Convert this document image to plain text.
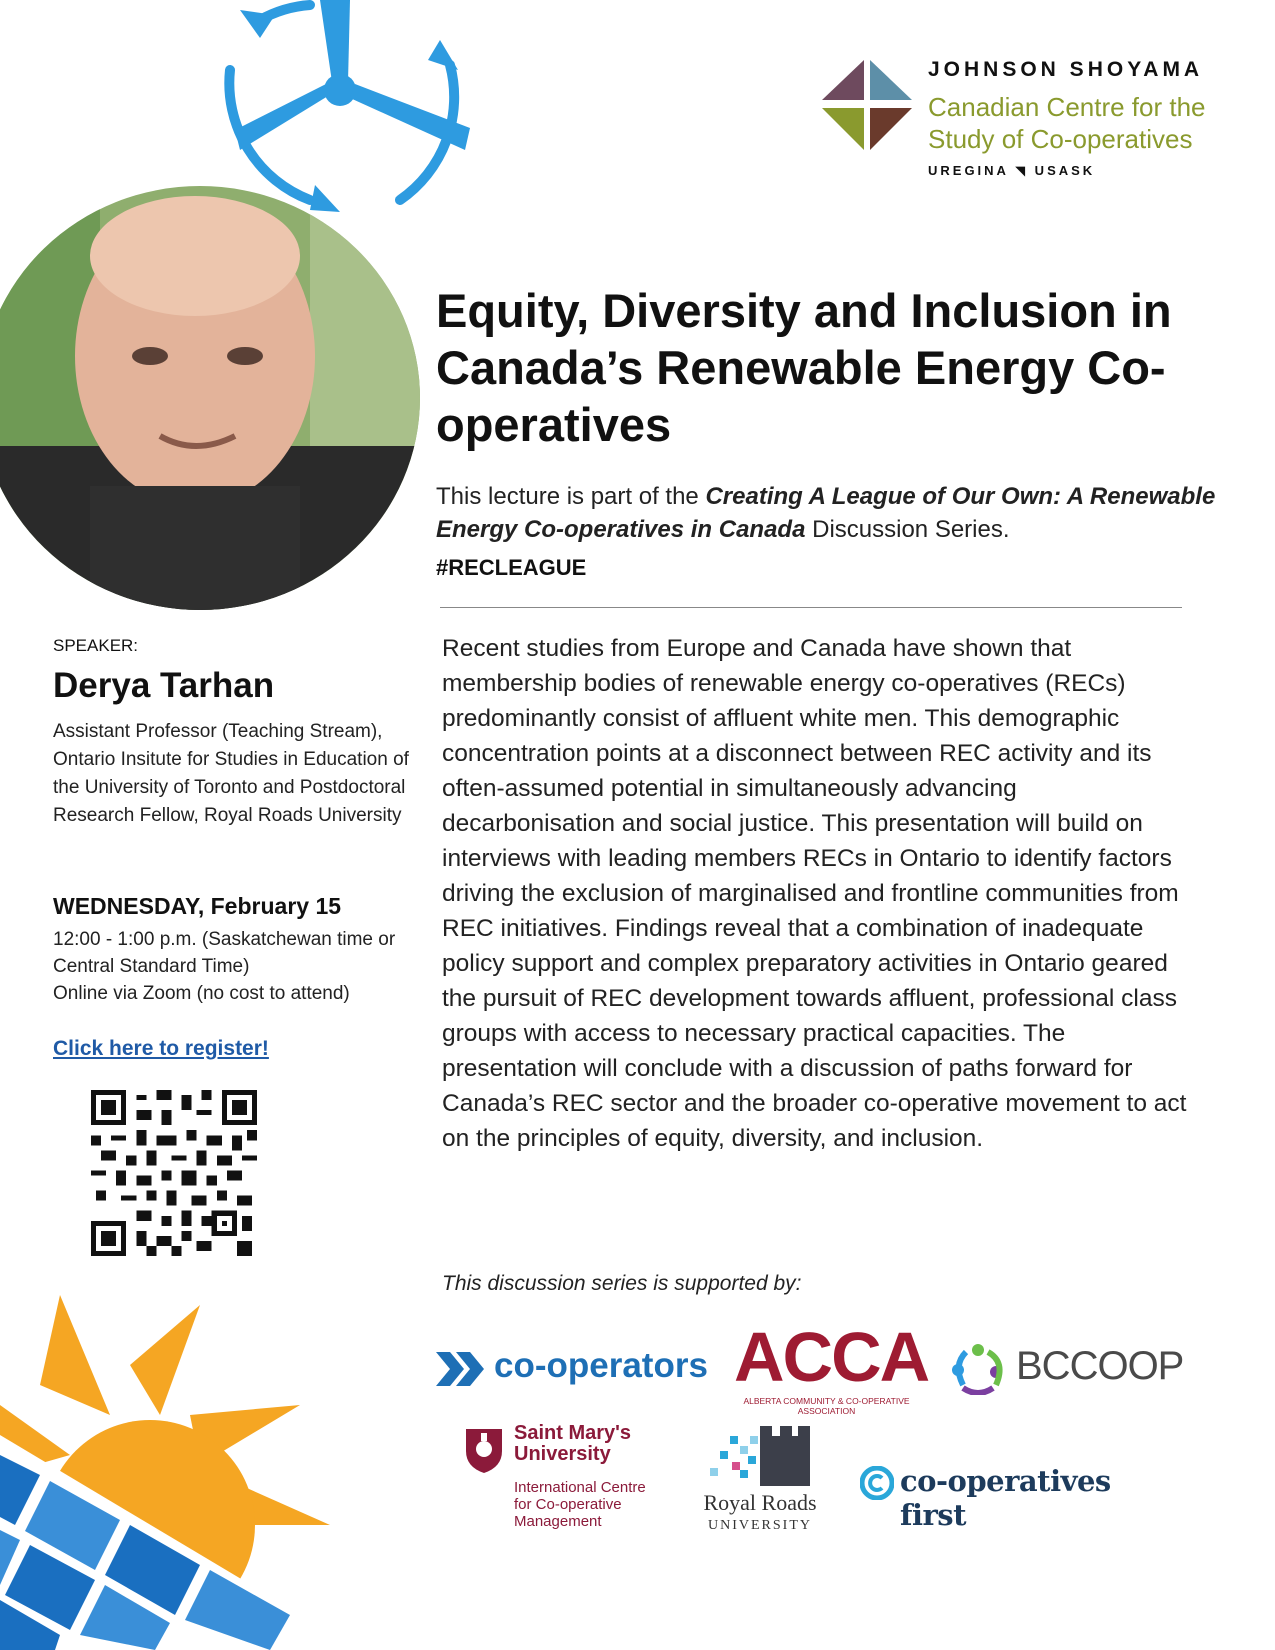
JOHNSON SHOYAMA
Canadian Centre for the
Study of Co-operatives
UREGINA ◥ USASK
Equity, Diversity and Inclusion in Canada’s Renewable Energy Co-operatives
This lecture is part of the Creating A League of Our Own: A Renewable Energy Co-operatives in Canada Discussion Series.
#RECLEAGUE
SPEAKER:
Derya Tarhan
Assistant Professor (Teaching Stream), Ontario Insitute for Studies in Education of the University of Toronto and Postdoctoral Research Fellow, Royal Roads University
WEDNESDAY, February 15
12:00 - 1:00 p.m. (Saskatchewan time or Central Standard Time)
Online via Zoom (no cost to attend)
Click here to register!
Recent studies from Europe and Canada have shown that membership bodies of renewable energy co-operatives (RECs) predominantly consist of affluent white men. This demographic concentration points at a disconnect between REC activity and its often-assumed potential in simultaneously advancing decarbonisation and social justice. This presentation will build on interviews with leading members RECs in Ontario to identify factors driving the exclusion of marginalised and frontline communities from REC initiatives. Findings reveal that a combination of inadequate policy support and complex preparatory activities in Ontario geared the pursuit of REC development towards affluent, professional class groups with access to necessary practical capacities. The presentation will conclude with a discussion of paths forward for Canada’s REC sector and the broader co-operative movement to act on the principles of equity, diversity, and inclusion.
This discussion series is supported by:
co-operators ACCA
ALBERTA COMMUNITY & CO-OPERATIVE ASSOCIATION
BCCOOP
Saint Mary's
University
International Centre
for Co-operative
Management
Royal Roads
UNIVERSITY
co-operatives first
